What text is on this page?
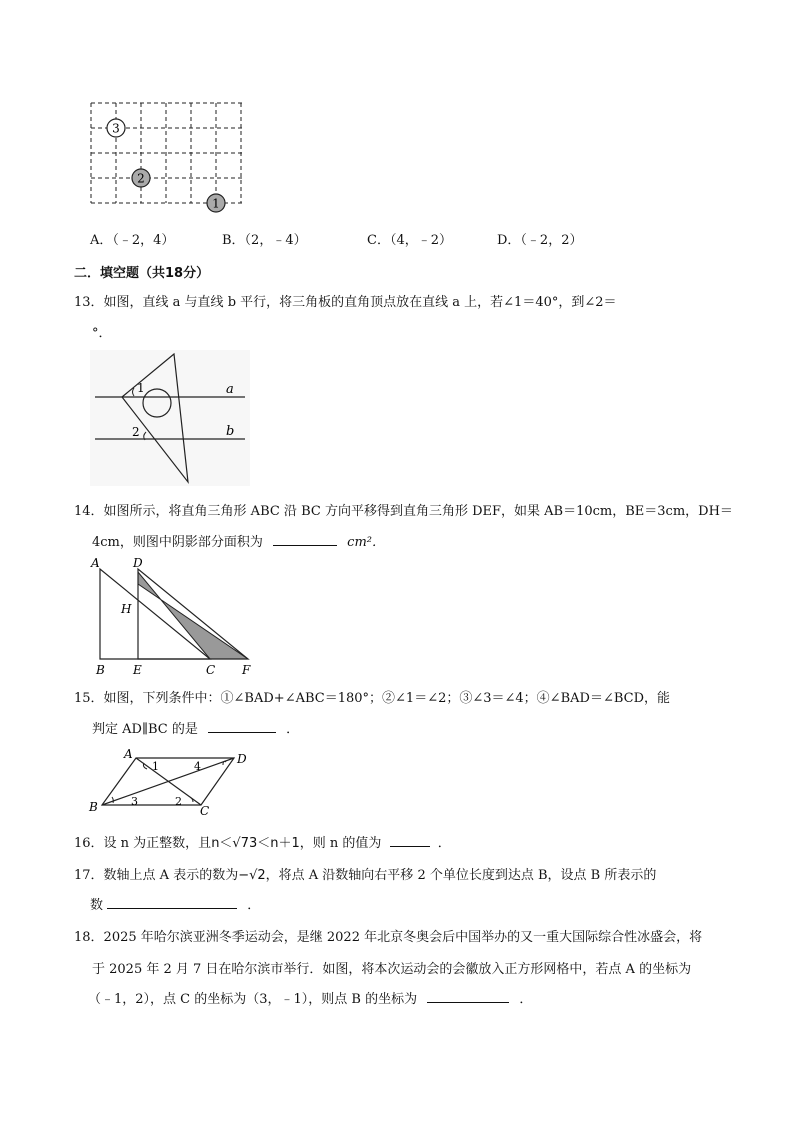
3
2
1
A．（﹣2，4）	B．（2，﹣4）	C．（4，﹣2）	D．（﹣2，2）
二．填空题（共18分）
13．如图，直线 a 与直线 b 平行，将三角板的直角顶点放在直线 a 上，若∠1＝40°，到∠2＝
°．
1
2
a
b
14．如图所示，将直角三角形 ABC 沿 BC 方向平移得到直角三角形 DEF，如果 AB＝10cm，BE＝3cm，DH＝
4cm，则图中阴影部分面积为	cm²．
A	D
H
B E	C F
15．如图，下列条件中：①∠BAD+∠ABC＝180°；②∠1＝∠2；③∠3＝∠4；④∠BAD＝∠BCD，能
判定 AD∥BC 的是	．
A	D
B	C
1
2
3
4
16．设 n 为正整数，且n＜√73＜n＋1，则 n 的值为	．
17．数轴上点 A 表示的数为−√2，将点 A 沿数轴向右平移 2 个单位长度到达点 B，设点 B 所表示的
数	．
18．2025 年哈尔滨亚洲冬季运动会，是继 2022 年北京冬奥会后中国举办的又一重大国际综合性冰盛会，将
于 2025 年 2 月 7 日在哈尔滨市举行．如图，将本次运动会的会徽放入正方形网格中，若点 A 的坐标为
（﹣1，2），点 C 的坐标为（3，﹣1），则点 B 的坐标为	．
